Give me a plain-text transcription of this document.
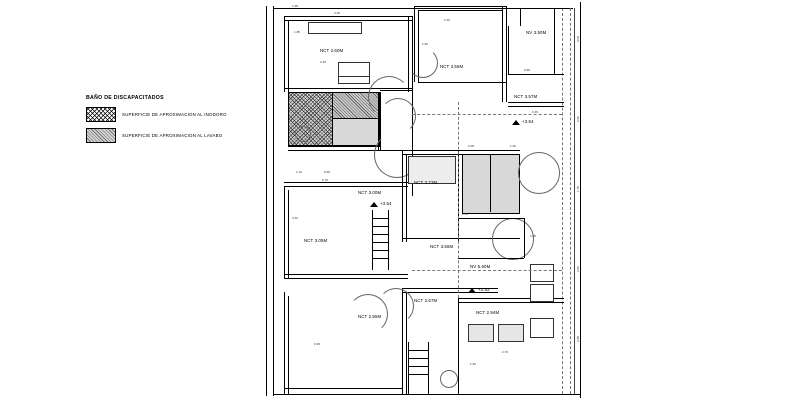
BAÑO DE DISCAPACITADOS
SUPERFICIE DE APROXIMACION AL INODORO
SUPERFICIE DE APROXIMACION AL LAVABO
NCT 2.60M
3.20
1.85
2.40
1.10	0.90
NCT 3.56M
2.15
1.60
NV 3.50M
0.80
NCT 3.57M
+3.54
3.45
NCT 3.73M
2.05	1.20
NCT 3.00M
NCT 3.05M
+3.54
0.70
4.10
NCT 3.56M
NV 5.60M
2.30
1.05
NCT 2.67M
NCT 2.95M
0.95
+2.92
NCT 2.94M
2.70
1.40
3.05
0.60
1.75
2.50
0.85
1.95
